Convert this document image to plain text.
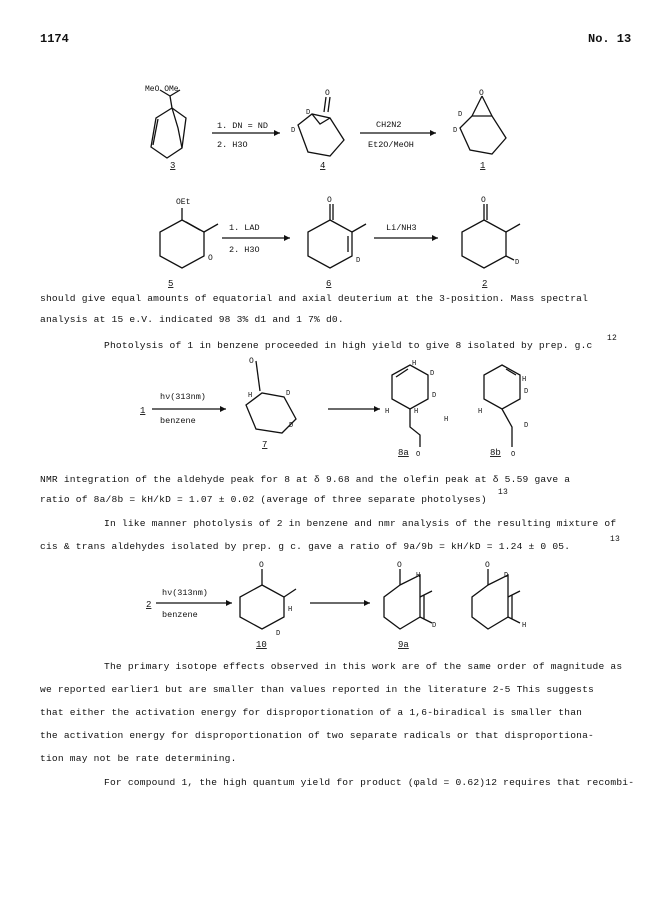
1174	No. 13
MeO OMe
3
1. DN = ND
2. H3O
O
D
D
4
CH2N2
Et2O/MeOH
O
D
D
1
OEt
O
5
1. LAD
2. H3O
O
D
6
Li/NH3
O
D
2
should give equal amounts of equatorial and axial deuterium at the 3-position. Mass spectral
analysis at 15 e.V. indicated 98 3% d1 and 1 7% d0.
Photolysis of 1 in benzene proceeded in high yield to give 8 isolated by prep. g.c
12
1
hν(313nm)
benzene
O
H	D
D
7
H
D
D
H	H
H
O
8a
H
D
H
D
O
8b
NMR integration of the aldehyde peak for 8 at δ 9.68 and the olefin peak at δ 5.59 gave a
ratio of 8a/8b = kH/kD = 1.07 ± 0.02 (average of three separate photolyses)
13
In like manner photolysis of 2 in benzene and nmr analysis of the resulting mixture of
cis & trans aldehydes isolated by prep. g c. gave a ratio of 9a/9b = kH/kD = 1.24 ± 0 05.
13
2
hν(313nm)
benzene
O
H
D
10
O
H
D
9a
O
D
H
The primary isotope effects observed in this work are of the same order of magnitude as
we reported earlier1 but are smaller than values reported in the literature 2-5 This suggests
that either the activation energy for disproportionation of a 1,6-biradical is smaller than
the activation energy for disproportionation of two separate radicals or that disproportiona-
tion may not be rate determining.
For compound 1, the high quantum yield for product (φald = 0.62)12 requires that recombi-
